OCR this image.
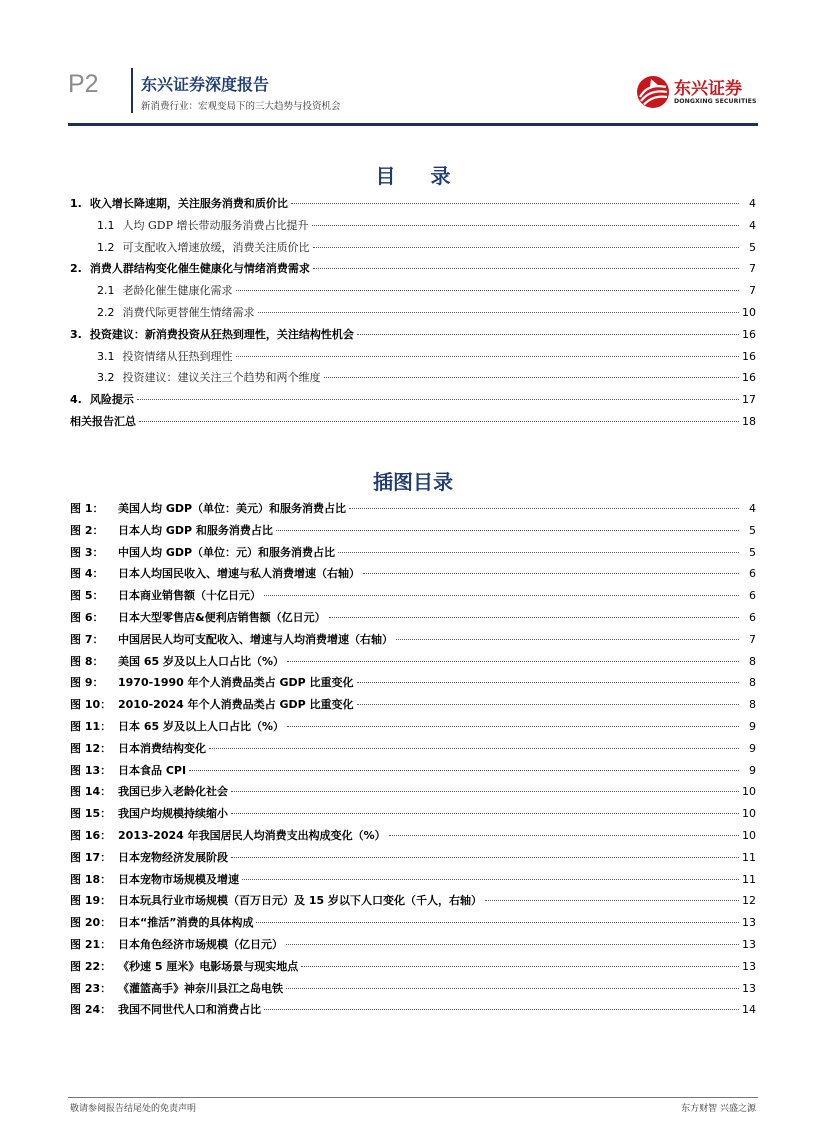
P2	东兴证券深度报告
新消费行业：宏观变局下的三大趋势与投资机会
东兴证券
DONGXING SECURITIES
目 录
1. 收入增长降速期，关注服务消费和质价比	4
1.1 人均 GDP 增长带动服务消费占比提升	4
1.2 可支配收入增速放缓，消费关注质价比	5
2. 消费人群结构变化催生健康化与情绪消费需求	7
2.1 老龄化催生健康化需求	7
2.2 消费代际更替催生情绪需求	10
3. 投资建议：新消费投资从狂热到理性，关注结构性机会	16
3.1 投资情绪从狂热到理性	16
3.2 投资建议：建议关注三个趋势和两个维度	16
4. 风险提示	17
相关报告汇总	18
插图目录
图 1：	美国人均 GDP（单位：美元）和服务消费占比	4
图 2：	日本人均 GDP 和服务消费占比	5
图 3：	中国人均 GDP（单位：元）和服务消费占比	5
图 4：	日本人均国民收入、增速与私人消费增速（右轴）	6
图 5：	日本商业销售额（十亿日元）	6
图 6：	日本大型零售店&便利店销售额（亿日元）	6
图 7：	中国居民人均可支配收入、增速与人均消费增速（右轴）	7
图 8：	美国 65 岁及以上人口占比（%）	8
图 9：	1970-1990 年个人消费品类占 GDP 比重变化	8
图 10： 2010-2024 年个人消费品类占 GDP 比重变化	8
图 11： 日本 65 岁及以上人口占比（%）	9
图 12： 日本消费结构变化	9
图 13： 日本食品 CPI	9
图 14： 我国已步入老龄化社会	10
图 15： 我国户均规模持续缩小	10
图 16： 2013-2024 年我国居民人均消费支出构成变化（%）	10
图 17： 日本宠物经济发展阶段	11
图 18： 日本宠物市场规模及增速	11
图 19： 日本玩具行业市场规模（百万日元）及 15 岁以下人口变化（千人，右轴）	12
图 20： 日本“推活”消费的具体构成	13
图 21： 日本角色经济市场规模（亿日元）	13
图 22： 《秒速 5 厘米》电影场景与现实地点	13
图 23： 《灌篮高手》神奈川县江之岛电铁	13
图 24： 我国不同世代人口和消费占比	14
敬请参阅报告结尾处的免责声明	东方财智 兴盛之源
